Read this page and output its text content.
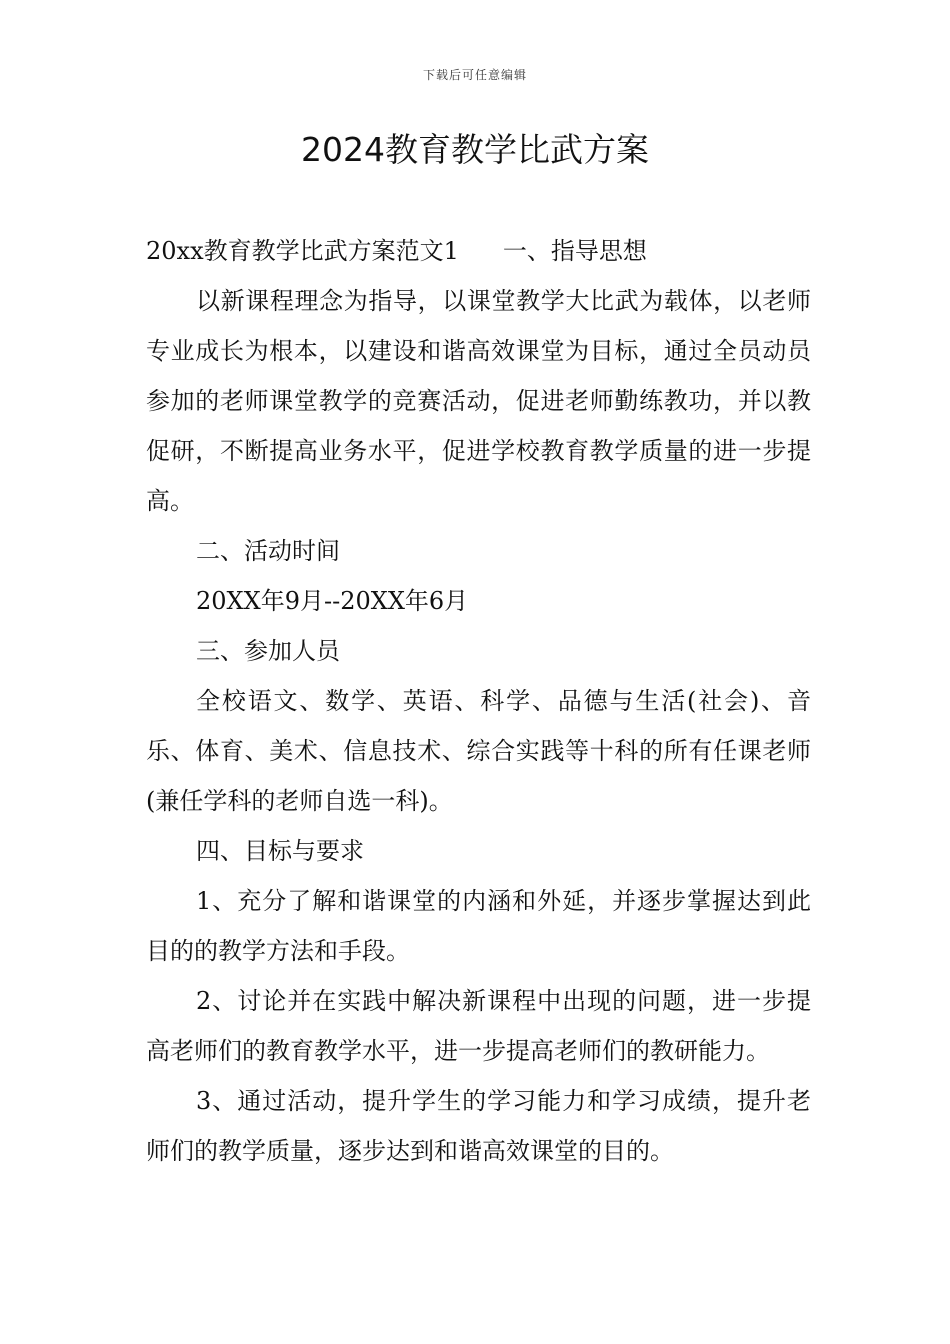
下载后可任意编辑
2024教育教学比武方案

20xx教育教学比武方案范文1 一、指导思想

以新课程理念为指导，以课堂教学大比武为载体，以老师专业成长为根本，以建设和谐高效课堂为目标，通过全员动员参加的老师课堂教学的竞赛活动，促进老师勤练教功，并以教促研，不断提高业务水平，促进学校教育教学质量的进一步提高。

二、活动时间

20XX年9月--20XX年6月

三、参加人员

全校语文、数学、英语、科学、品德与生活(社会)、音乐、体育、美术、信息技术、综合实践等十科的所有任课老师(兼任学科的老师自选一科)。

四、目标与要求

1、充分了解和谐课堂的内涵和外延，并逐步掌握达到此目的的教学方法和手段。

2、讨论并在实践中解决新课程中出现的问题，进一步提高老师们的教育教学水平，进一步提高老师们的教研能力。

3、通过活动，提升学生的学习能力和学习成绩，提升老师们的教学质量，逐步达到和谐高效课堂的目的。
